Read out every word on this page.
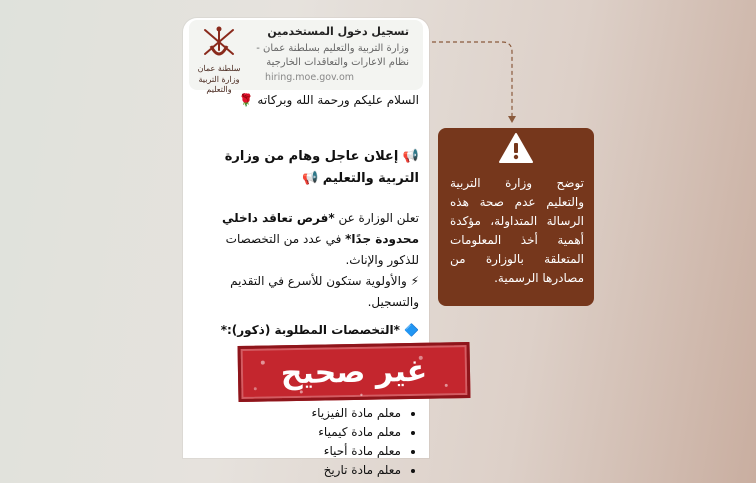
سلطنة عمان
وزارة التربية والتعليم
تسجيل دخول المستخدمين
وزارة التربية والتعليم بسلطنة عمان - نظام الاعارات والتعاقدات الخارجية
hiring.moe.gov.om
السلام عليكم ورحمة الله وبركاته 🌹
📢 إعلان عاجل وهام من وزارة التربية والتعليم 📢
تعلن الوزارة عن *فرص تعاقد داخلي محدودة جدًا* في عدد من التخصصات للذكور والإناث.
⚡ والأولوية ستكون للأسرع في التقديم والتسجيل.
🔷 *التخصصات المطلوبة (ذكور):*
• معلم مادة الفيزياء
• معلم مادة كيمياء
• معلم مادة أحياء
• معلم مادة تاريخ
غير صحيح
توضح وزارة التربية والتعليم عدم صحة هذه الرسالة المتداولة، مؤكدة أهمية أخذ المعلومات المتعلقة بالوزارة من مصادرها الرسمية.
